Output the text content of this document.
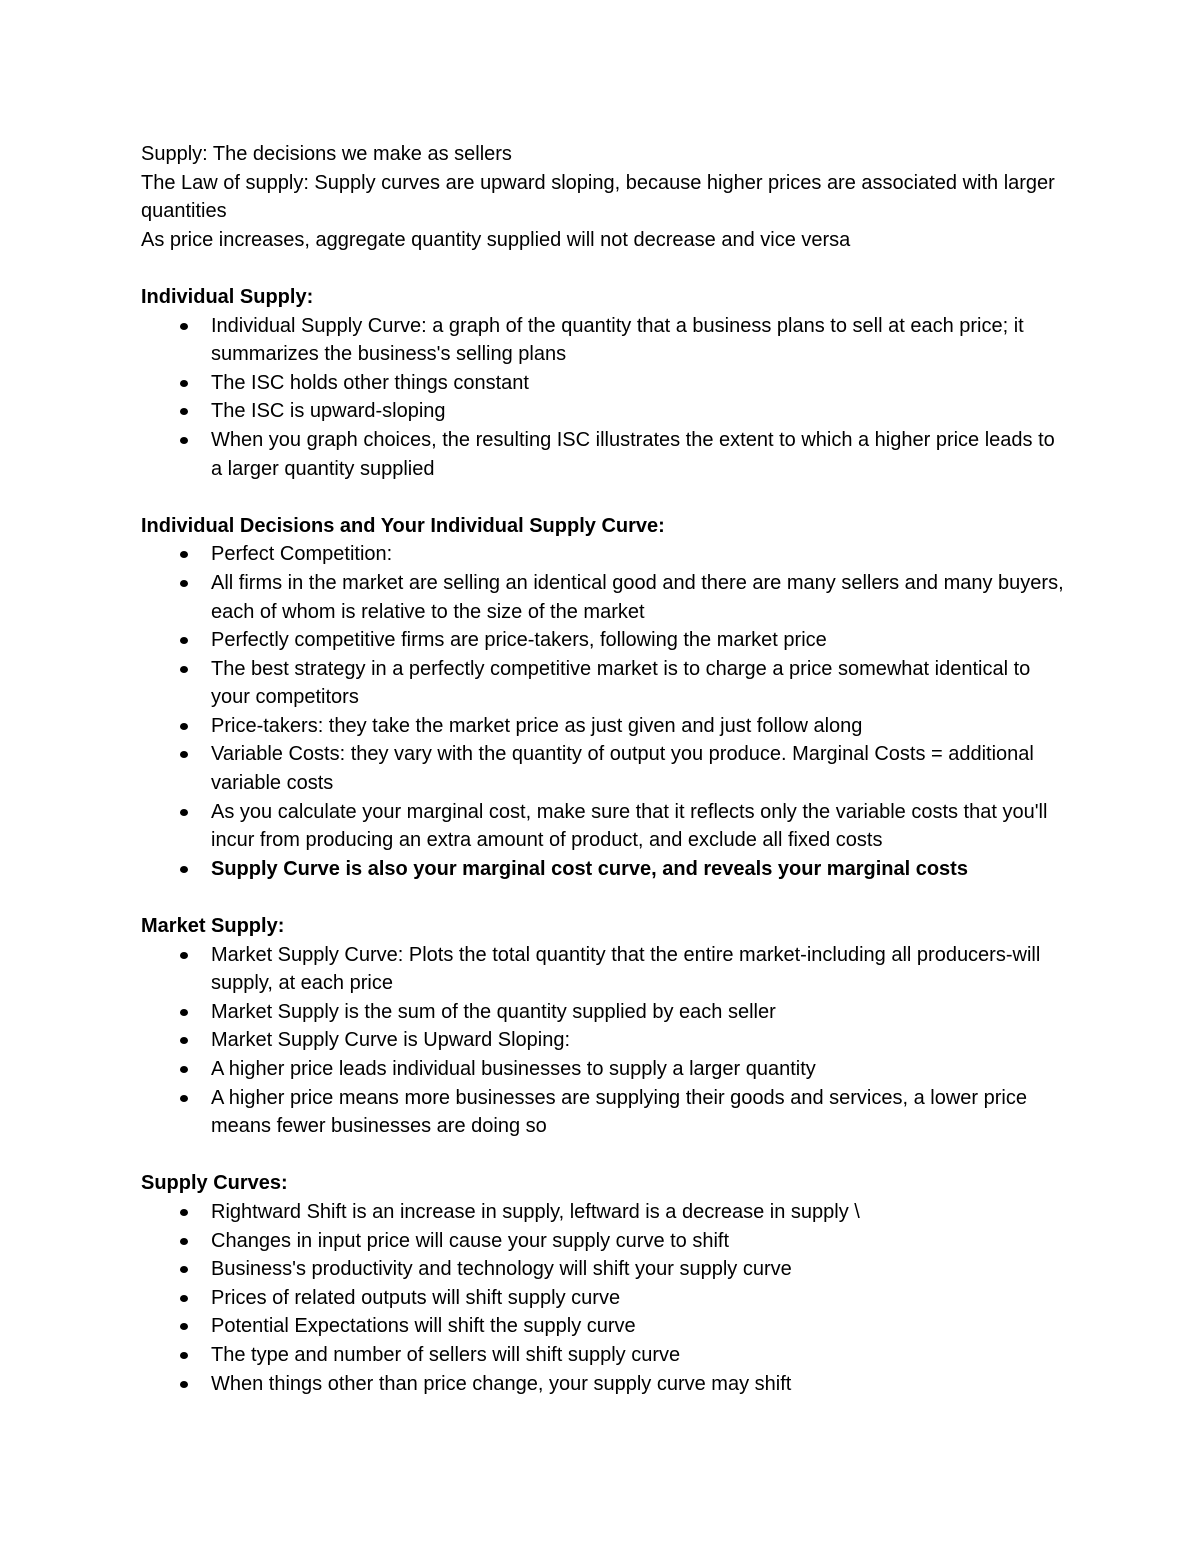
Supply: The decisions we make as sellers

The Law of supply: Supply curves are upward sloping, because higher prices are associated with larger quantities

As price increases, aggregate quantity supplied will not decrease and vice versa

Individual Supply:

Individual Supply Curve: a graph of the quantity that a business plans to sell at each price; it summarizes the business's selling plans
The ISC holds other things constant
The ISC is upward-sloping
When you graph choices, the resulting ISC illustrates the extent to which a higher price leads to a larger quantity supplied

Individual Decisions and Your Individual Supply Curve:

Perfect Competition:
All firms in the market are selling an identical good and there are many sellers and many buyers, each of whom is relative to the size of the market
Perfectly competitive firms are price-takers, following the market price
The best strategy in a perfectly competitive market is to charge a price somewhat identical to your competitors
Price-takers: they take the market price as just given and just follow along
Variable Costs: they vary with the quantity of output you produce. Marginal Costs = additional variable costs
As you calculate your marginal cost, make sure that it reflects only the variable costs that you'll incur from producing an extra amount of product, and exclude all fixed costs
Supply Curve is also your marginal cost curve, and reveals your marginal costs

Market Supply:

Market Supply Curve: Plots the total quantity that the entire market-including all producers-will supply, at each price
Market Supply is the sum of the quantity supplied by each seller
Market Supply Curve is Upward Sloping:
A higher price leads individual businesses to supply a larger quantity
A higher price means more businesses are supplying their goods and services, a lower price means fewer businesses are doing so

Supply Curves:

Rightward Shift is an increase in supply, leftward is a decrease in supply \
Changes in input price will cause your supply curve to shift
Business's productivity and technology will shift your supply curve
Prices of related outputs will shift supply curve
Potential Expectations will shift the supply curve
The type and number of sellers will shift supply curve
When things other than price change, your supply curve may shift
